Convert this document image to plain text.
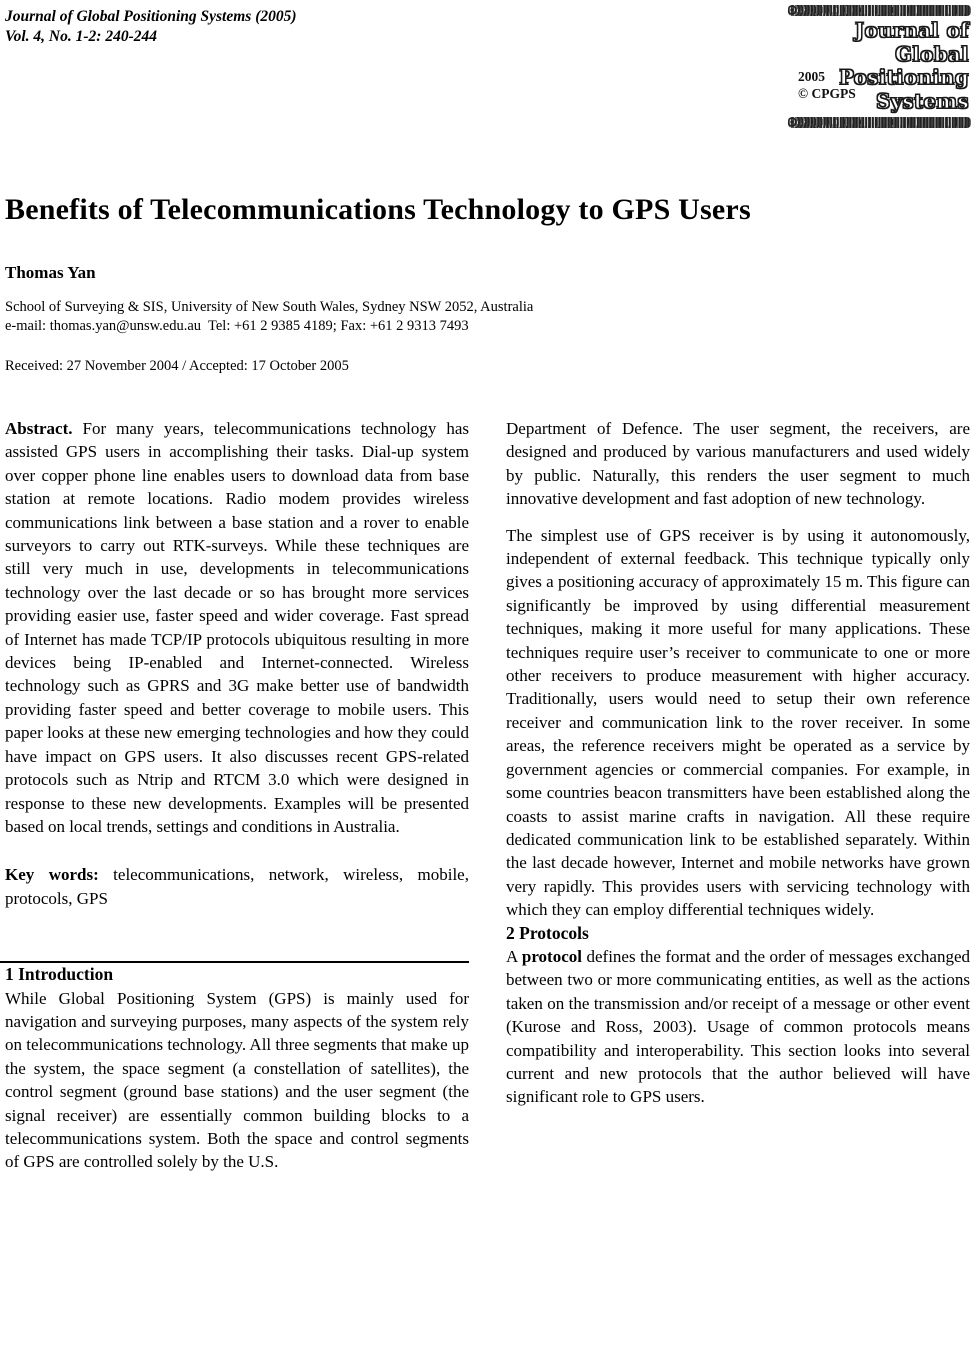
Journal of Global Positioning Systems (2005)
Vol. 4, No. 1-2: 240-244	Journal of Global
Positioning
Systems
2005
© CPGPS
Benefits of Telecommunications Technology to GPS Users
Thomas Yan
School of Surveying & SIS, University of New South Wales, Sydney NSW 2052, Australia
e-mail: thomas.yan@unsw.edu.au  Tel: +61 2 9385 4189; Fax: +61 2 9313 7493
Received: 27 November 2004 / Accepted: 17 October 2005

Abstract. For many years, telecommunications technology has assisted GPS users in accomplishing their tasks. Dial-up system over copper phone line enables users to download data from base station at remote locations. Radio modem provides wireless communications link between a base station and a rover to enable surveyors to carry out RTK-surveys. While these techniques are still very much in use, developments in telecommunications technology over the last decade or so has brought more services providing easier use, faster speed and wider coverage. Fast spread of Internet has made TCP/IP protocols ubiquitous resulting in more devices being IP-enabled and Internet-connected. Wireless technology such as GPRS and 3G make better use of bandwidth providing faster speed and better coverage to mobile users. This paper looks at these new emerging technologies and how they could have impact on GPS users. It also discusses recent GPS-related protocols such as Ntrip and RTCM 3.0 which were designed in response to these new developments. Examples will be presented based on local trends, settings and conditions in Australia.

Key words: telecommunications, network, wireless, mobile, protocols, GPS

1 Introduction

While Global Positioning System (GPS) is mainly used for navigation and surveying purposes, many aspects of the system rely on telecommunications technology. All three segments that make up the system, the space segment (a constellation of satellites), the control segment (ground base stations) and the user segment (the signal receiver) are essentially common building blocks to a telecommunications system. Both the space and control segments of GPS are controlled solely by the U.S.

Department of Defence. The user segment, the receivers, are designed and produced by various manufacturers and used widely by public. Naturally, this renders the user segment to much innovative development and fast adoption of new technology.

The simplest use of GPS receiver is by using it autonomously, independent of external feedback. This technique typically only gives a positioning accuracy of approximately 15 m. This figure can significantly be improved by using differential measurement techniques, making it more useful for many applications. These techniques require user’s receiver to communicate to one or more other receivers to produce measurement with higher accuracy. Traditionally, users would need to setup their own reference receiver and communication link to the rover receiver. In some areas, the reference receivers might be operated as a service by government agencies or commercial companies. For example, in some countries beacon transmitters have been established along the coasts to assist marine crafts in navigation. All these require dedicated communication link to be established separately. Within the last decade however, Internet and mobile networks have grown very rapidly. This provides users with servicing technology with which they can employ differential techniques widely.

2 Protocols

A protocol defines the format and the order of messages exchanged between two or more communicating entities, as well as the actions taken on the transmission and/or receipt of a message or other event (Kurose and Ross, 2003). Usage of common protocols means compatibility and interoperability. This section looks into several current and new protocols that the author believed will have significant role to GPS users.
